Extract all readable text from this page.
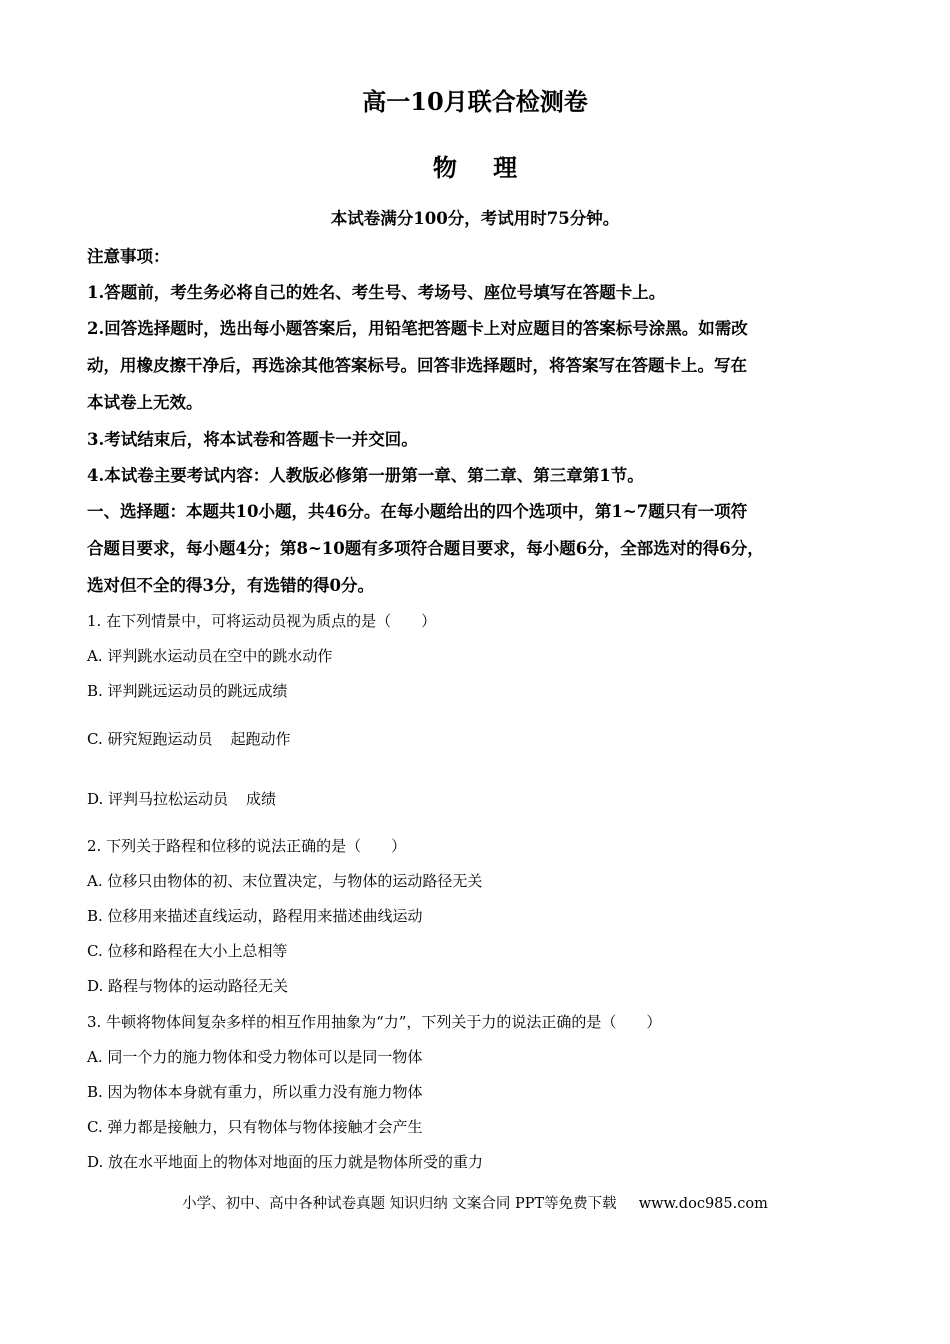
高一10月联合检测卷
物 理
本试卷满分100分，考试用时75分钟。
注意事项：
1.答题前，考生务必将自己的姓名、考生号、考场号、座位号填写在答题卡上。
2.回答选择题时，选出每小题答案后，用铅笔把答题卡上对应题目的答案标号涂黑。如需改
动，用橡皮擦干净后，再选涂其他答案标号。回答非选择题时，将答案写在答题卡上。写在
本试卷上无效。
3.考试结束后，将本试卷和答题卡一并交回。
4.本试卷主要考试内容：人教版必修第一册第一章、第二章、第三章第1节。
一、选择题：本题共10小题，共46分。在每小题给出的四个选项中，第1~7题只有一项符
合题目要求，每小题4分；第8~10题有多项符合题目要求，每小题6分，全部选对的得6分，
选对但不全的得3分，有选错的得0分。
1. 在下列情景中，可将运动员视为质点的是（　　）
A. 评判跳水运动员在空中的跳水动作
B. 评判跳远运动员的跳远成绩
C. 研究短跑运动员 起跑动作
D. 评判马拉松运动员 成绩
2. 下列关于路程和位移的说法正确的是（　　）
A. 位移只由物体的初、末位置决定，与物体的运动路径无关
B. 位移用来描述直线运动，路程用来描述曲线运动
C. 位移和路程在大小上总相等
D. 路程与物体的运动路径无关
3. 牛顿将物体间复杂多样的相互作用抽象为“力”，下列关于力的说法正确的是（　　）
A. 同一个力的施力物体和受力物体可以是同一物体
B. 因为物体本身就有重力，所以重力没有施力物体
C. 弹力都是接触力，只有物体与物体接触才会产生
D. 放在水平地面上的物体对地面的压力就是物体所受的重力
小学、初中、高中各种试卷真题 知识归纳 文案合同 PPT等免费下载 www.doc985.com
